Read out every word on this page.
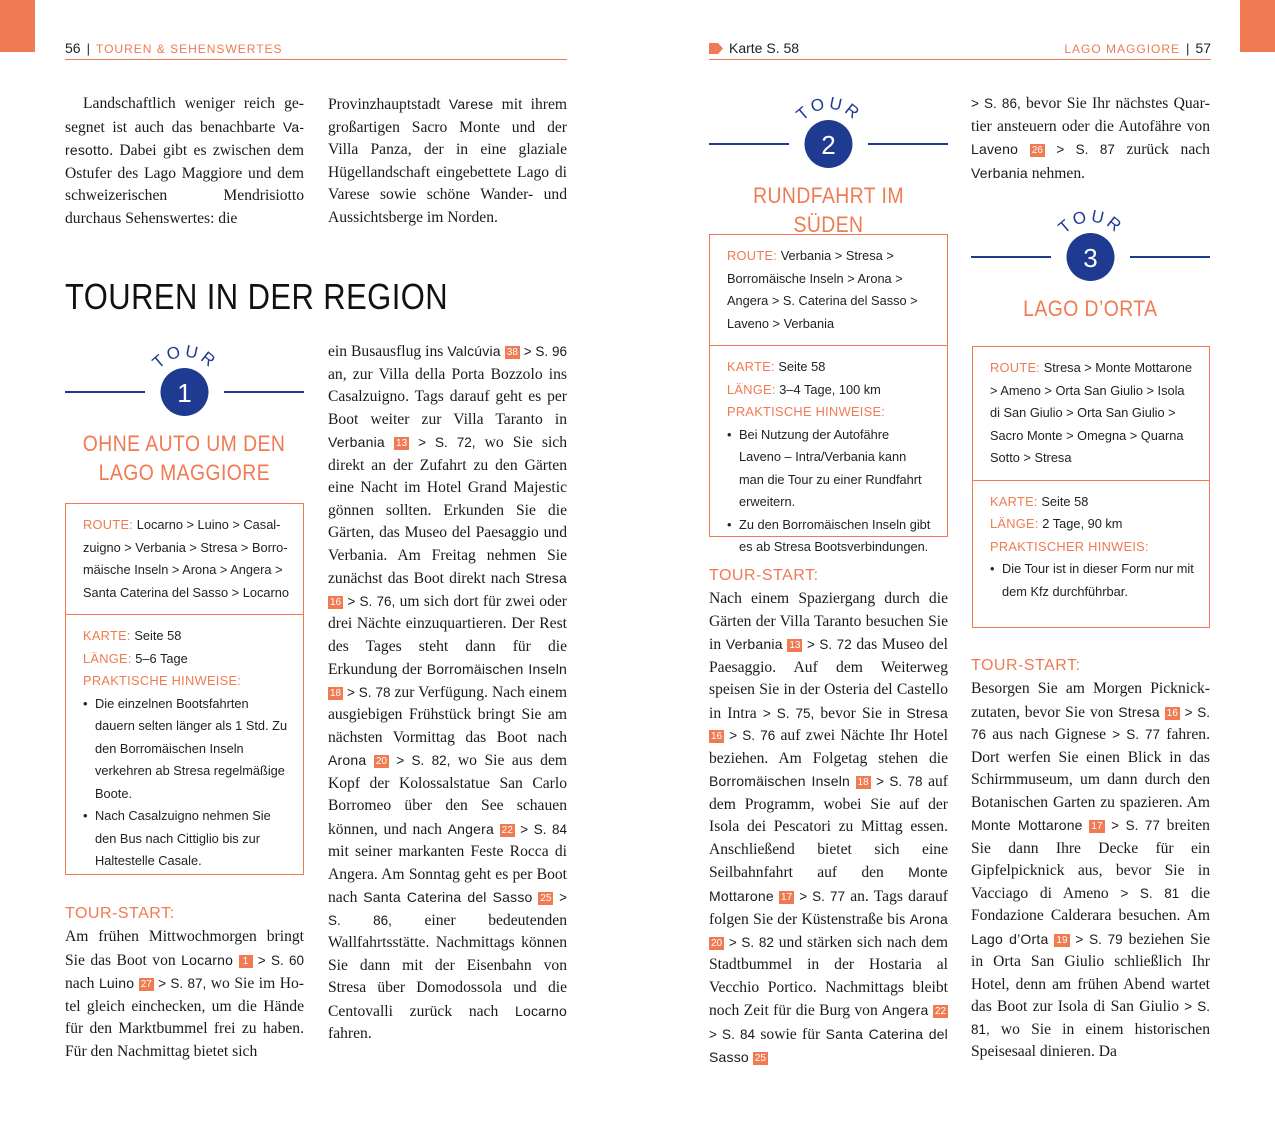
56 | TOUREN & SEHENSWERTES	Karte S. 58	LAGO MAGGIORE | 57

Landschaftlich weniger reich gesegnet ist auch das benachbarte Varesotto. Dabei gibt es zwischen dem Ostufer des Lago Maggiore und dem schweizerischen Mendrisiotto durchaus Sehenswertes: die

Provinzhauptstadt Varese mit ihrem großartigen Sacro Monte und der Villa Panza, der in eine glaziale Hügellandschaft eingebettete Lago di Varese sowie schöne Wander- und Aussichtsberge im Norden.

TOUREN IN DER REGION
TOUR
1
OHNE AUTO UM DEN
LAGO MAGGIORE
ROUTE: Locarno > Luino > Casalzuigno > Verbania > Stresa > Borromäische Inseln > Arona > Angera > Santa Caterina del Sasso > Locarno
KARTE: Seite 58
LÄNGE: 5–6 Tage
PRAKTISCHE HINWEISE:
• Die einzelnen Bootsfahrten dauern selten länger als 1 Std. Zu den Borromäischen Inseln verkehren ab Stresa regelmäßige Boote.
• Nach Casalzuigno nehmen Sie den Bus nach Cittiglio bis zur Haltestelle Casale.
TOUR-START:

Am frühen Mittwochmorgen bringt Sie das Boot von Locarno 1 > S. 60 nach Luino 27 > S. 87, wo Sie im Hotel gleich einchecken, um die Hände für den Marktbummel frei zu haben. Für den Nachmittag bietet sich

ein Busausflug ins Valcúvia 38 > S. 96 an, zur Villa della Porta Bozzolo ins Casalzuigno. Tags darauf geht es per Boot weiter zur Villa Taranto in Verbania 13 > S. 72, wo Sie sich direkt an der Zufahrt zu den Gärten eine Nacht im Hotel Grand Majestic gönnen sollten. Erkunden Sie die Gärten, das Museo del Paesaggio und Verbania. Am Freitag nehmen Sie zunächst das Boot direkt nach Stresa 16 > S. 76, um sich dort für zwei oder drei Nächte einzuquartieren. Der Rest des Tages steht dann für die Erkundung der Borromäischen Inseln 18 > S. 78 zur Verfügung. Nach einem ausgiebigen Frühstück bringt Sie am nächsten Vormittag das Boot nach Arona 20 > S. 82, wo Sie aus dem Kopf der Kolossalstatue San Carlo Borromeo über den See schauen können, und nach Angera 22 > S. 84 mit seiner markanten Feste Rocca di Angera. Am Sonntag geht es per Boot nach Santa Caterina del Sasso 25 > S. 86, einer bedeutenden Wallfahrtsstätte. Nachmittags können Sie dann mit der Eisenbahn von Stresa über Domodossola und die Centovalli zurück nach Locarno fahren.

TOUR
2
RUNDFAHRT IM SÜDEN
ROUTE: Verbania > Stresa > Borromäische Inseln > Arona > Angera > S. Caterina del Sasso > Laveno > Verbania
KARTE: Seite 58
LÄNGE: 3–4 Tage, 100 km
PRAKTISCHE HINWEISE:
• Bei Nutzung der Autofähre Laveno – Intra/Verbania kann man die Tour zu einer Rundfahrt erweitern.
• Zu den Borromäischen Inseln gibt es ab Stresa Bootsverbindungen.
TOUR-START:

Nach einem Spaziergang durch die Gärten der Villa Taranto besuchen Sie in Verbania 13 > S. 72 das Museo del Paesaggio. Auf dem Weiterweg speisen Sie in der Osteria del Castello in Intra > S. 75, bevor Sie in Stresa 16 > S. 76 auf zwei Nächte Ihr Hotel beziehen. Am Folgetag stehen die Borromäischen Inseln 18 > S. 78 auf dem Programm, wobei Sie auf der Isola dei Pescatori zu Mittag essen. Anschließend bietet sich eine Seilbahnfahrt auf den Monte Mottarone 17 > S. 77 an. Tags darauf folgen Sie der Küstenstraße bis Arona 20 > S. 82 und stärken sich nach dem Stadtbummel in der Hostaria al Vecchio Portico. Nachmittags bleibt noch Zeit für die Burg von Angera 22 > S. 84 sowie für Santa Caterina del Sasso 25

> S. 86, bevor Sie Ihr nächstes Quartier ansteuern oder die Autofähre von Laveno 26 > S. 87 zurück nach Verbania nehmen.

TOUR
3
LAGO D’ORTA
ROUTE: Stresa > Monte Mottarone > Ameno > Orta San Giulio > Isola di San Giulio > Orta San Giulio > Sacro Monte > Omegna > Quarna Sotto > Stresa
KARTE: Seite 58
LÄNGE: 2 Tage, 90 km
PRAKTISCHER HINWEIS:
• Die Tour ist in dieser Form nur mit dem Kfz durchführbar.
TOUR-START:

Besorgen Sie am Morgen Picknickzutaten, bevor Sie von Stresa 16 > S. 76 aus nach Gignese > S. 77 fahren. Dort werfen Sie einen Blick in das Schirmmuseum, um dann durch den Botanischen Garten zu spazieren. Am Monte Mottarone 17 > S. 77 breiten Sie dann Ihre Decke für ein Gipfelpicknick aus, bevor Sie in Vacciago di Ameno > S. 81 die Fondazione Calderara besuchen. Am Lago d’Orta 19 > S. 79 beziehen Sie in Orta San Giulio schließlich Ihr Hotel, denn am frühen Abend wartet das Boot zur Isola di San Giulio > S. 81, wo Sie in einem historischen Speisesaal dinieren. Da
